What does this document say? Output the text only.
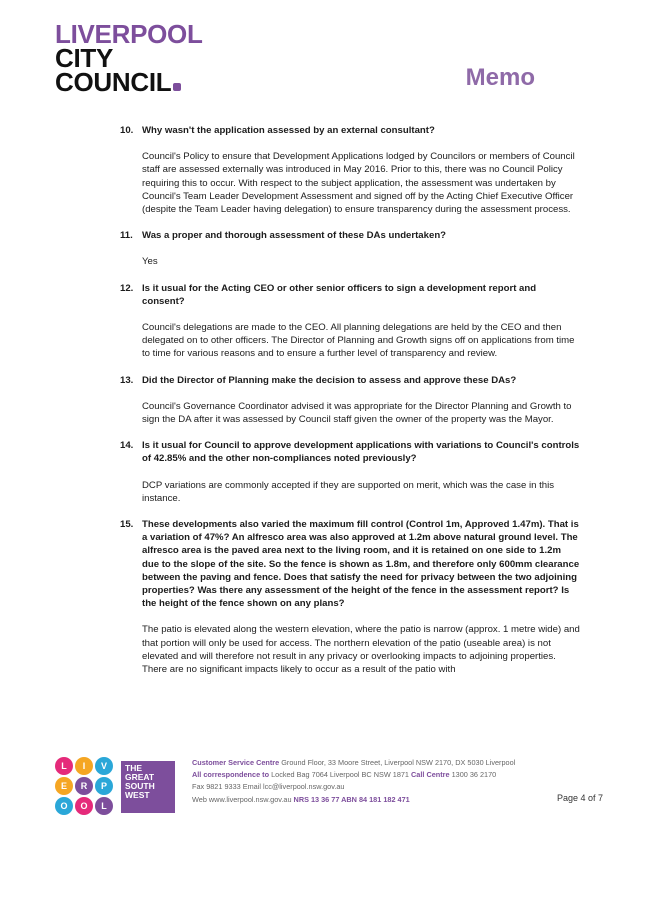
LIVERPOOL
CITY
COUNCIL	Memo
10. Why wasn't the application assessed by an external consultant?
Council's Policy to ensure that Development Applications lodged by Councilors or members of Council staff are assessed externally was introduced in May 2016. Prior to this, there was no Council Policy requiring this to occur. With respect to the subject application, the assessment was undertaken by Council's Team Leader Development Assessment and signed off by the Acting Chief Executive Officer (despite the Team Leader having delegation) to ensure transparency during the assessment process.
11. Was a proper and thorough assessment of these DAs undertaken?
Yes
12. Is it usual for the Acting CEO or other senior officers to sign a development report and consent?
Council's delegations are made to the CEO. All planning delegations are held by the CEO and then delegated on to other officers. The Director of Planning and Growth signs off on applications from time to time for various reasons and to ensure a further level of transparency and review.
13. Did the Director of Planning make the decision to assess and approve these DAs?
Council's Governance Coordinator advised it was appropriate for the Director Planning and Growth to sign the DA after it was assessed by Council staff given the owner of the property was the Mayor.
14. Is it usual for Council to approve development applications with variations to Council's controls of 42.85% and the other non-compliances noted previously?
DCP variations are commonly accepted if they are supported on merit, which was the case in this instance.
15. These developments also varied the maximum fill control (Control 1m, Approved 1.47m). That is a variation of 47%? An alfresco area was also approved at 1.2m above natural ground level. The alfresco area is the paved area next to the living room, and it is retained on one side to 1.2m due to the slope of the site. So the fence is shown as 1.8m, and therefore only 600mm clearance between the paving and fence. Does that satisfy the need for privacy between the two adjoining properties? Was there any assessment of the height of the fence in the assessment report? Is the height of the fence shown on any plans?
The patio is elevated along the western elevation, where the patio is narrow (approx. 1 metre wide) and that portion will only be used for access. The northern elevation of the patio (useable area) is not elevated and will therefore not result in any privacy or overlooking impacts to adjoining properties. There are no significant impacts likely to occur as a result of the patio with
L	I	V
E	R	P
O	O	L
THE
GREAT
SOUTH
WEST
Customer Service Centre Ground Floor, 33 Moore Street, Liverpool NSW 2170, DX 5030 Liverpool
All correspondence to Locked Bag 7064 Liverpool BC NSW 1871 Call Centre 1300 36 2170
Fax 9821 9333 Email lcc@liverpool.nsw.gov.au
Web www.liverpool.nsw.gov.au NRS 13 36 77 ABN 84 181 182 471	Page 4 of 7
